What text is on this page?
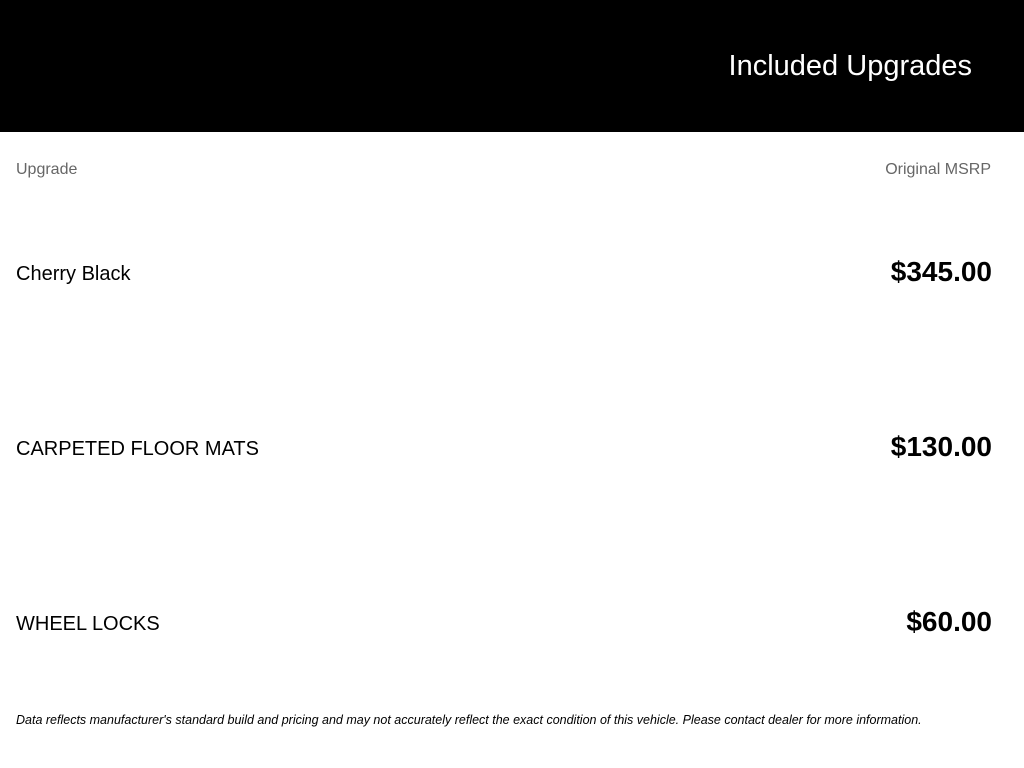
Included Upgrades
Upgrade	Original MSRP
Cherry Black	$345.00
CARPETED FLOOR MATS	$130.00
WHEEL LOCKS	$60.00
Data reflects manufacturer's standard build and pricing and may not accurately reflect the exact condition of this vehicle. Please contact dealer for more information.
